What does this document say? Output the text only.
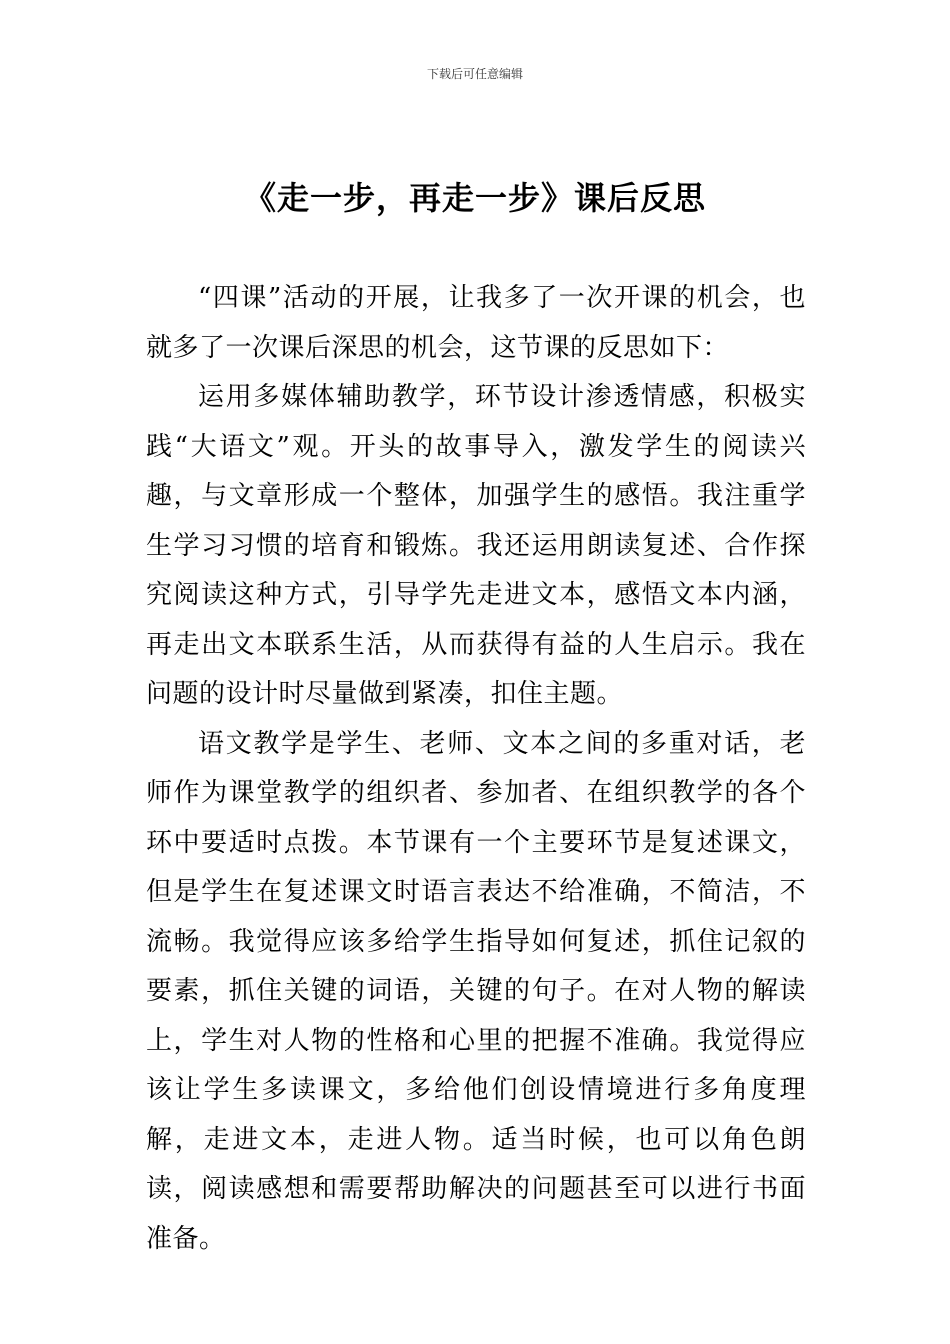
下载后可任意编辑
《走一步，再走一步》课后反思

“四课”活动的开展，让我多了一次开课的机会，也就多了一次课后深思的机会，这节课的反思如下：

运用多媒体辅助教学，环节设计渗透情感，积极实践“大语文”观。开头的故事导入，激发学生的阅读兴趣，与文章形成一个整体，加强学生的感悟。我注重学生学习习惯的培育和锻炼。我还运用朗读复述、合作探究阅读这种方式，引导学先走进文本，感悟文本内涵，再走出文本联系生活，从而获得有益的人生启示。我在问题的设计时尽量做到紧凑，扣住主题。

语文教学是学生、老师、文本之间的多重对话，老师作为课堂教学的组织者、参加者、在组织教学的各个环中要适时点拨。本节课有一个主要环节是复述课文，但是学生在复述课文时语言表达不给准确，不简洁，不流畅。我觉得应该多给学生指导如何复述，抓住记叙的要素，抓住关键的词语，关键的句子。在对人物的解读上，学生对人物的性格和心里的把握不准确。我觉得应该让学生多读课文，多给他们创设情境进行多角度理解，走进文本，走进人物。适当时候，也可以角色朗读，阅读感想和需要帮助解决的问题甚至可以进行书面准备。
